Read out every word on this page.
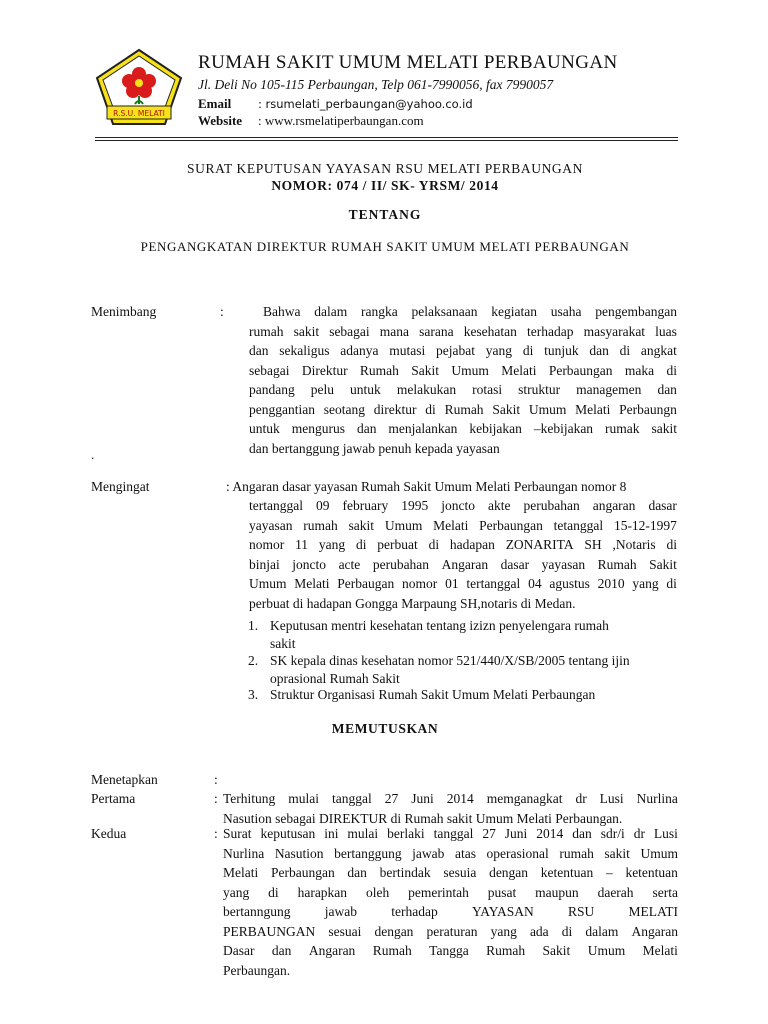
R.S.U. MELATI
RUMAH SAKIT UMUM MELATI PERBAUNGAN
Jl. Deli No 105-115 Perbaungan, Telp 061-7990056, fax 7990057
Email : rsumelati_perbaungan@yahoo.co.id
Website : www.rsmelatiperbaungan.com
SURAT KEPUTUSAN YAYASAN RSU MELATI PERBAUNGAN
NOMOR: 074 / II/ SK- YRSM/ 2014
TENTANG
PENGANGKATAN DIREKTUR RUMAH SAKIT UMUM MELATI PERBAUNGAN
Menimbang	:	Bahwa dalam rangka pelaksanaan kegiatan usaha pengembangan
rumah sakit sebagai mana sarana kesehatan terhadap masyarakat luas
dan sekaligus adanya mutasi pejabat yang di tunjuk dan di angkat
sebagai Direktur Rumah Sakit Umum Melati Perbaungan maka di
pandang pelu untuk melakukan rotasi struktur managemen dan
penggantian seotang direktur di Rumah Sakit Umum Melati Perbaungn
untuk mengurus dan menjalankan kebijakan –kebijakan rumak sakit
dan bertanggung jawab penuh kepada yayasan
.
Mengingat	: Angaran dasar yayasan Rumah Sakit Umum Melati Perbaungan nomor 8
tertanggal 09 february 1995 joncto akte perubahan angaran dasar
yayasan rumah sakit Umum Melati Perbaungan tetanggal 15-12-1997
nomor 11 yang di perbuat di hadapan ZONARITA SH ,Notaris di
binjai joncto acte perubahan Angaran dasar yayasan Rumah Sakit
Umum Melati Perbaugan nomor 01 tertanggal 04 agustus 2010 yang di
perbuat di hadapan Gongga Marpaung SH,notaris di Medan.
1. Keputusan mentri kesehatan tentang izizn penyelengara rumah
sakit
2. SK kepala dinas kesehatan nomor 521/440/X/SB/2005 tentang ijin
oprasional Rumah Sakit
3. Struktur Organisasi Rumah Sakit Umum Melati Perbaungan
MEMUTUSKAN
Menetapkan	:
Pertama	: Terhitung mulai tanggal 27 Juni 2014 memganagkat dr Lusi Nurlina
Nasution sebagai DIREKTUR di Rumah sakit Umum Melati Perbaungan.
Kedua	: Surat keputusan ini mulai berlaki tanggal 27 Juni 2014 dan sdr/i dr Lusi
Nurlina Nasution bertanggung jawab atas operasional rumah sakit Umum
Melati Perbaungan dan bertindak sesuia dengan ketentuan – ketentuan
yang di harapkan oleh pemerintah pusat maupun daerah serta
bertanngung	jawab	terhadap	YAYASAN	RSU	MELATI
PERBAUNGAN sesuai dengan peraturan yang ada di dalam Angaran
Dasar dan Angaran Rumah Tangga Rumah Sakit Umum Melati
Perbaungan.
